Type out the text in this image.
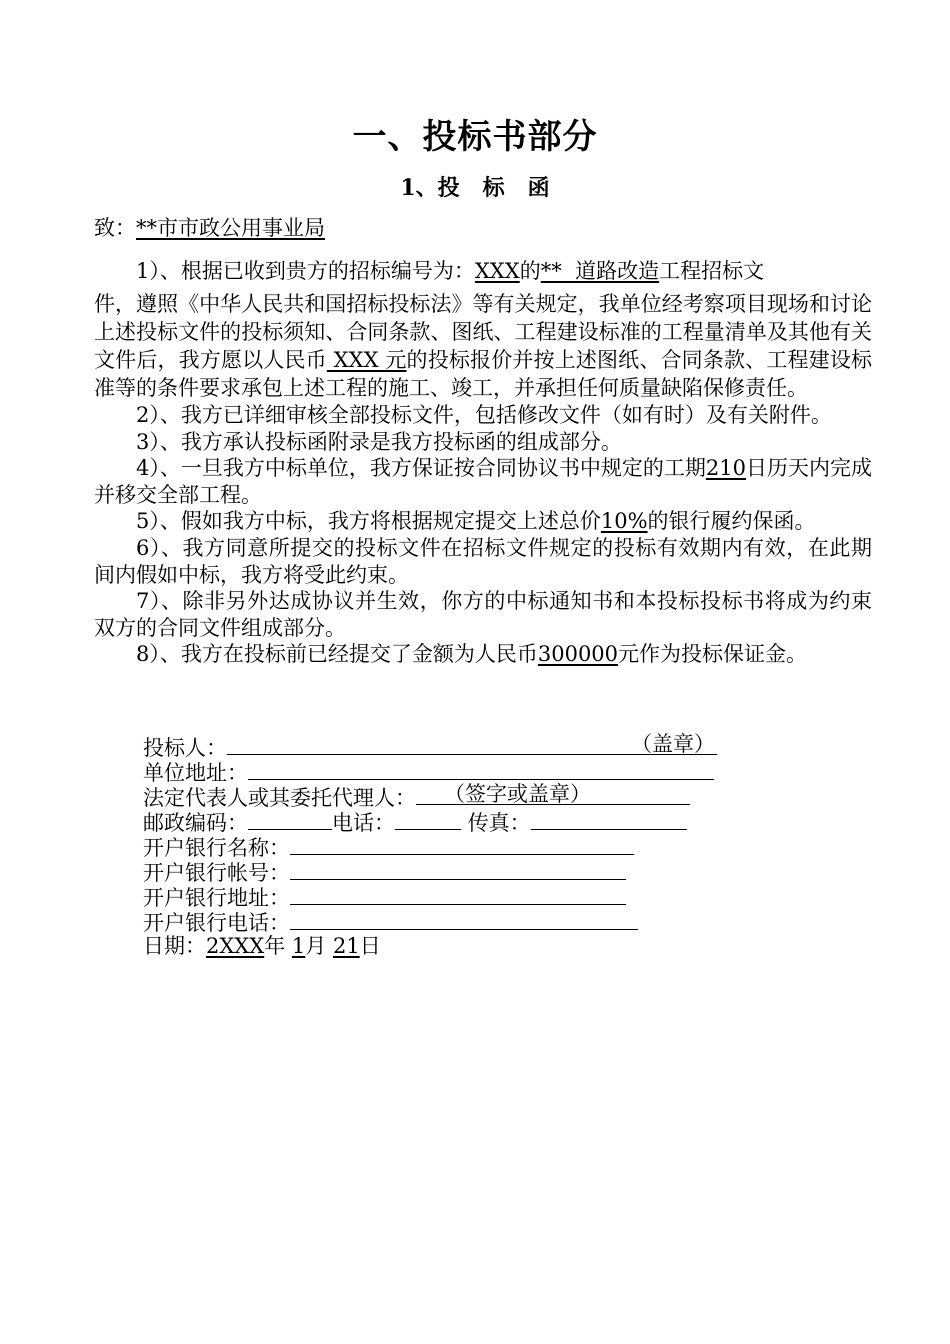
一、投标书部分
1、投   标   函
致：**市市政公用事业局

1）、根据已收到贵方的招标编号为：XXX的**  道路改造工程招标文
件，遵照《中华人民共和国招标投标法》等有关规定，我单位经考察项目现场和讨论上述投标文件的投标须知、合同条款、图纸、工程建设标准的工程量清单及其他有关文件后，我方愿以人民币 XXX 元的投标报价并按上述图纸、合同条款、工程建设标准等的条件要求承包上述工程的施工、竣工，并承担任何质量缺陷保修责任。

2）、我方已详细审核全部投标文件，包括修改文件（如有时）及有关附件。

3）、我方承认投标函附录是我方投标函的组成部分。

4）、一旦我方中标单位，我方保证按合同协议书中规定的工期210日历天内完成并移交全部工程。

5）、假如我方中标，我方将根据规定提交上述总价10%的银行履约保函。

6）、我方同意所提交的投标文件在招标文件规定的投标有效期内有效，在此期间内假如中标，我方将受此约束。

7）、除非另外达成协议并生效，你方的中标通知书和本投标投标书将成为约束双方的合同文件组成部分。

8）、我方在投标前已经提交了金额为人民币300000元作为投标保证金。

投标人：	（盖章）
单位地址：
法定代表人或其委托代理人： （签字或盖章）
邮政编码：	电话：	传真：
开户银行名称：
开户银行帐号：
开户银行地址：
开户银行电话：
日期：2XXX年 1月 21日
